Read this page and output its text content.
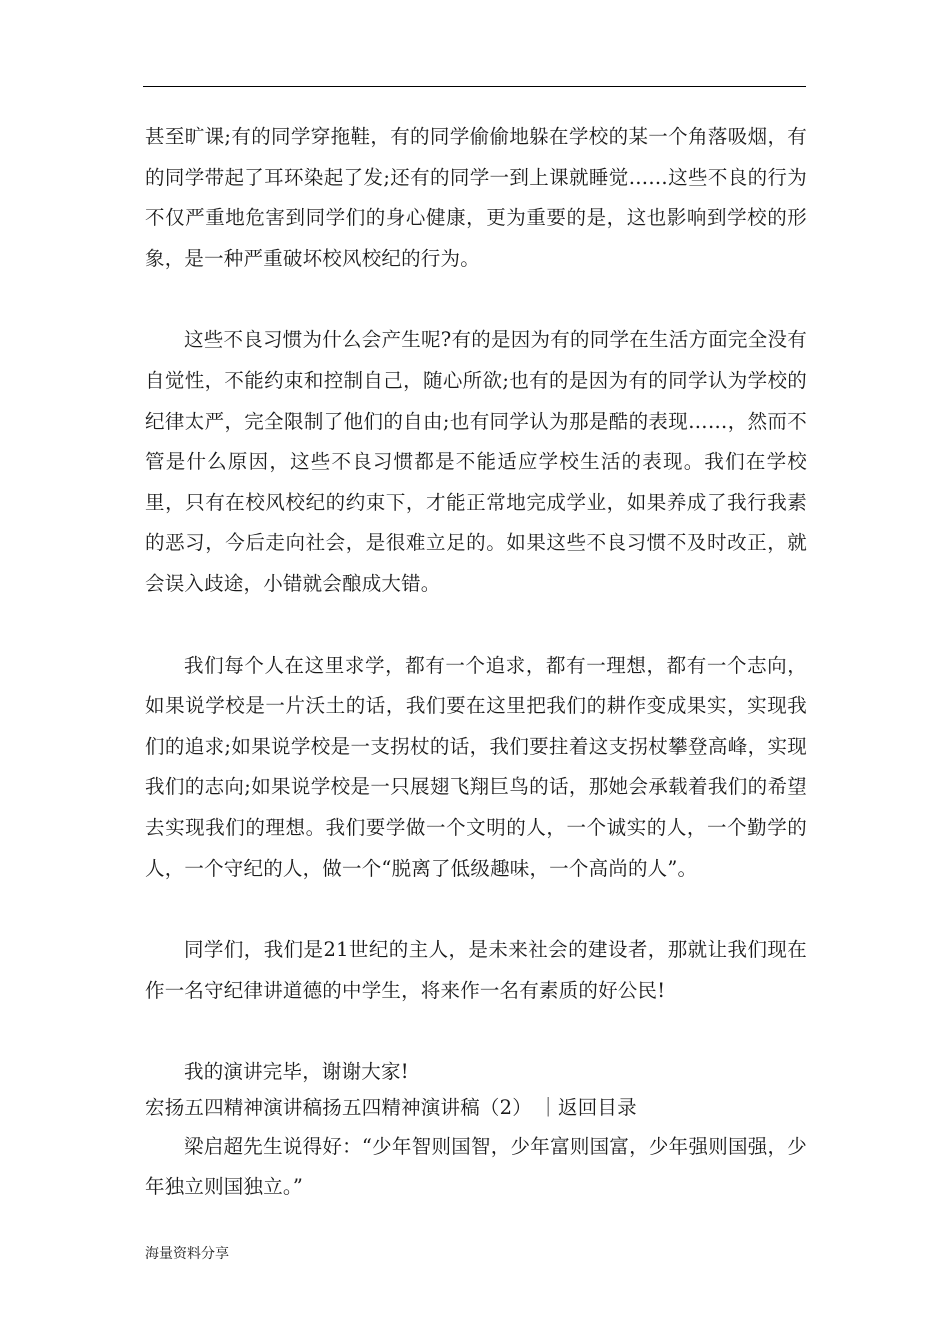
甚至旷课;有的同学穿拖鞋，有的同学偷偷地躲在学校的某一个角落吸烟，有的同学带起了耳环染起了发;还有的同学一到上课就睡觉……这些不良的行为不仅严重地危害到同学们的身心健康，更为重要的是，这也影响到学校的形象，是一种严重破坏校风校纪的行为。

这些不良习惯为什么会产生呢?有的是因为有的同学在生活方面完全没有自觉性，不能约束和控制自己，随心所欲;也有的是因为有的同学认为学校的纪律太严，完全限制了他们的自由;也有同学认为那是酷的表现……，然而不管是什么原因，这些不良习惯都是不能适应学校生活的表现。我们在学校里，只有在校风校纪的约束下，才能正常地完成学业，如果养成了我行我素的恶习，今后走向社会，是很难立足的。如果这些不良习惯不及时改正，就会误入歧途，小错就会酿成大错。

我们每个人在这里求学，都有一个追求，都有一理想，都有一个志向，如果说学校是一片沃土的话，我们要在这里把我们的耕作变成果实，实现我们的追求;如果说学校是一支拐杖的话，我们要拄着这支拐杖攀登高峰，实现我们的志向;如果说学校是一只展翅飞翔巨鸟的话，那她会承载着我们的希望去实现我们的理想。我们要学做一个文明的人，一个诚实的人，一个勤学的人，一个守纪的人，做一个“脱离了低级趣味，一个高尚的人”。

同学们，我们是21世纪的主人，是未来社会的建设者，那就让我们现在作一名守纪律讲道德的中学生，将来作一名有素质的好公民!

我的演讲完毕，谢谢大家!

宏扬五四精神演讲稿扬五四精神演讲稿（2） ｜返回目录

梁启超先生说得好：“少年智则国智，少年富则国富，少年强则国强，少年独立则国独立。”

海量资料分享
